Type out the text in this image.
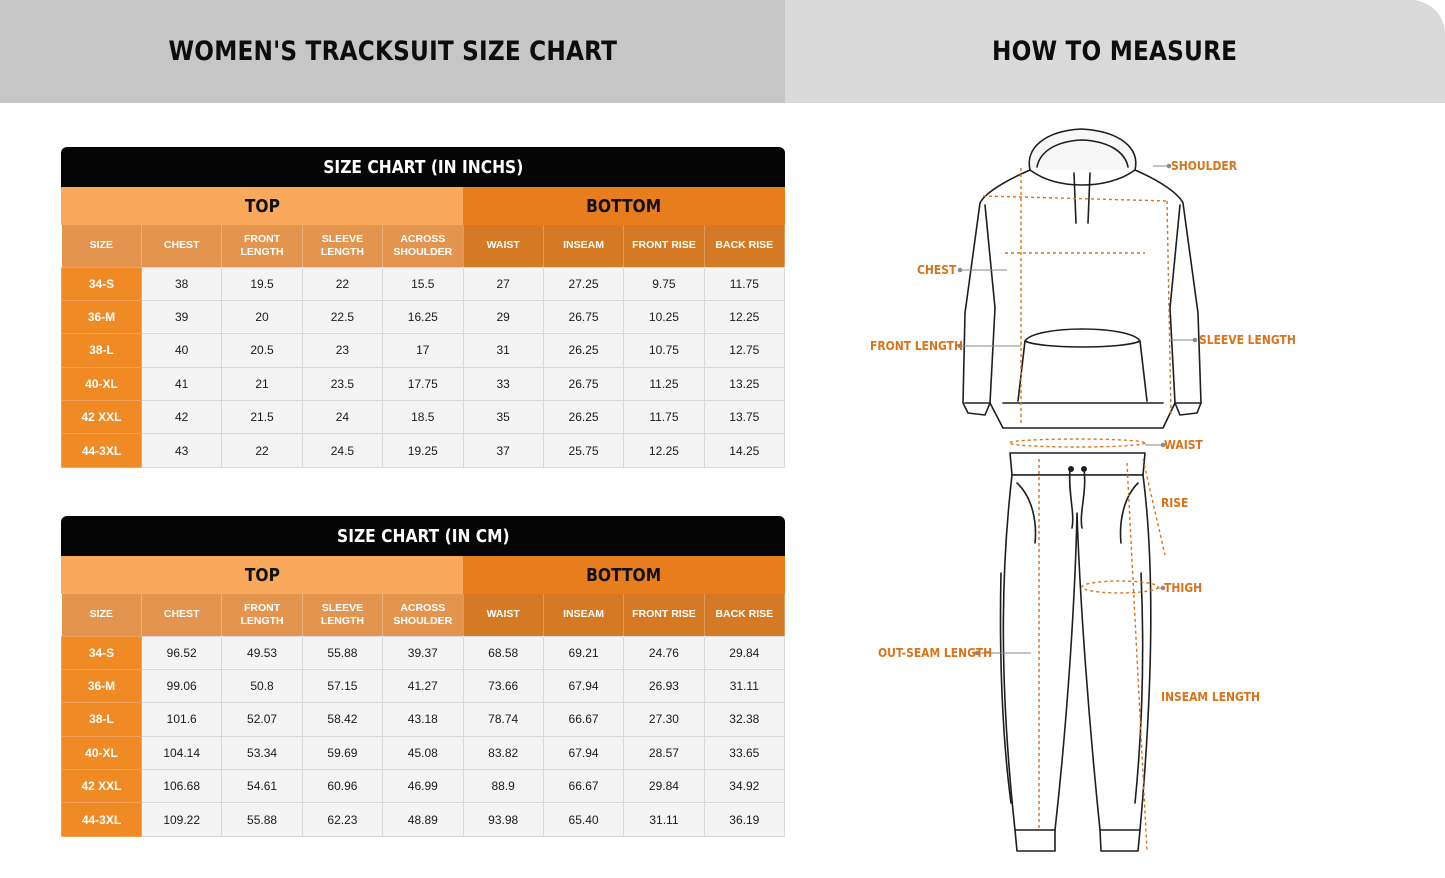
WOMEN'S TRACKSUIT SIZE CHART	HOW TO MEASURE
SIZE CHART (IN INCHS)
TOP	BOTTOM
SIZE	CHEST	FRONT LENGTH	SLEEVE LENGTH	ACROSS SHOULDER	WAIST	INSEAM	FRONT RISE	BACK RISE
34-S	38	19.5	22	15.5	27	27.25	9.75	11.75
36-M	39	20	22.5	16.25	29	26.75	10.25	12.25
38-L	40	20.5	23	17	31	26.25	10.75	12.75
40-XL	41	21	23.5	17.75	33	26.75	11.25	13.25
42 XXL	42	21.5	24	18.5	35	26.25	11.75	13.75
44-3XL	43	22	24.5	19.25	37	25.75	12.25	14.25
SIZE CHART (IN CM)
TOP	BOTTOM
SIZE	CHEST	FRONT LENGTH	SLEEVE LENGTH	ACROSS SHOULDER	WAIST	INSEAM	FRONT RISE	BACK RISE
34-S	96.52	49.53	55.88	39.37	68.58	69.21	24.76	29.84
36-M	99.06	50.8	57.15	41.27	73.66	67.94	26.93	31.11
38-L	101.6	52.07	58.42	43.18	78.74	66.67	27.30	32.38
40-XL	104.14	53.34	59.69	45.08	83.82	67.94	28.57	33.65
42 XXL	106.68	54.61	60.96	46.99	88.9	66.67	29.84	34.92
44-3XL	109.22	55.88	62.23	48.89	93.98	65.40	31.11	36.19
SHOULDER
CHEST
FRONT LENGTH	SLEEVE LENGTH
WAIST
RISE
THIGH
OUT-SEAM LENGTH
INSEAM LENGTH
